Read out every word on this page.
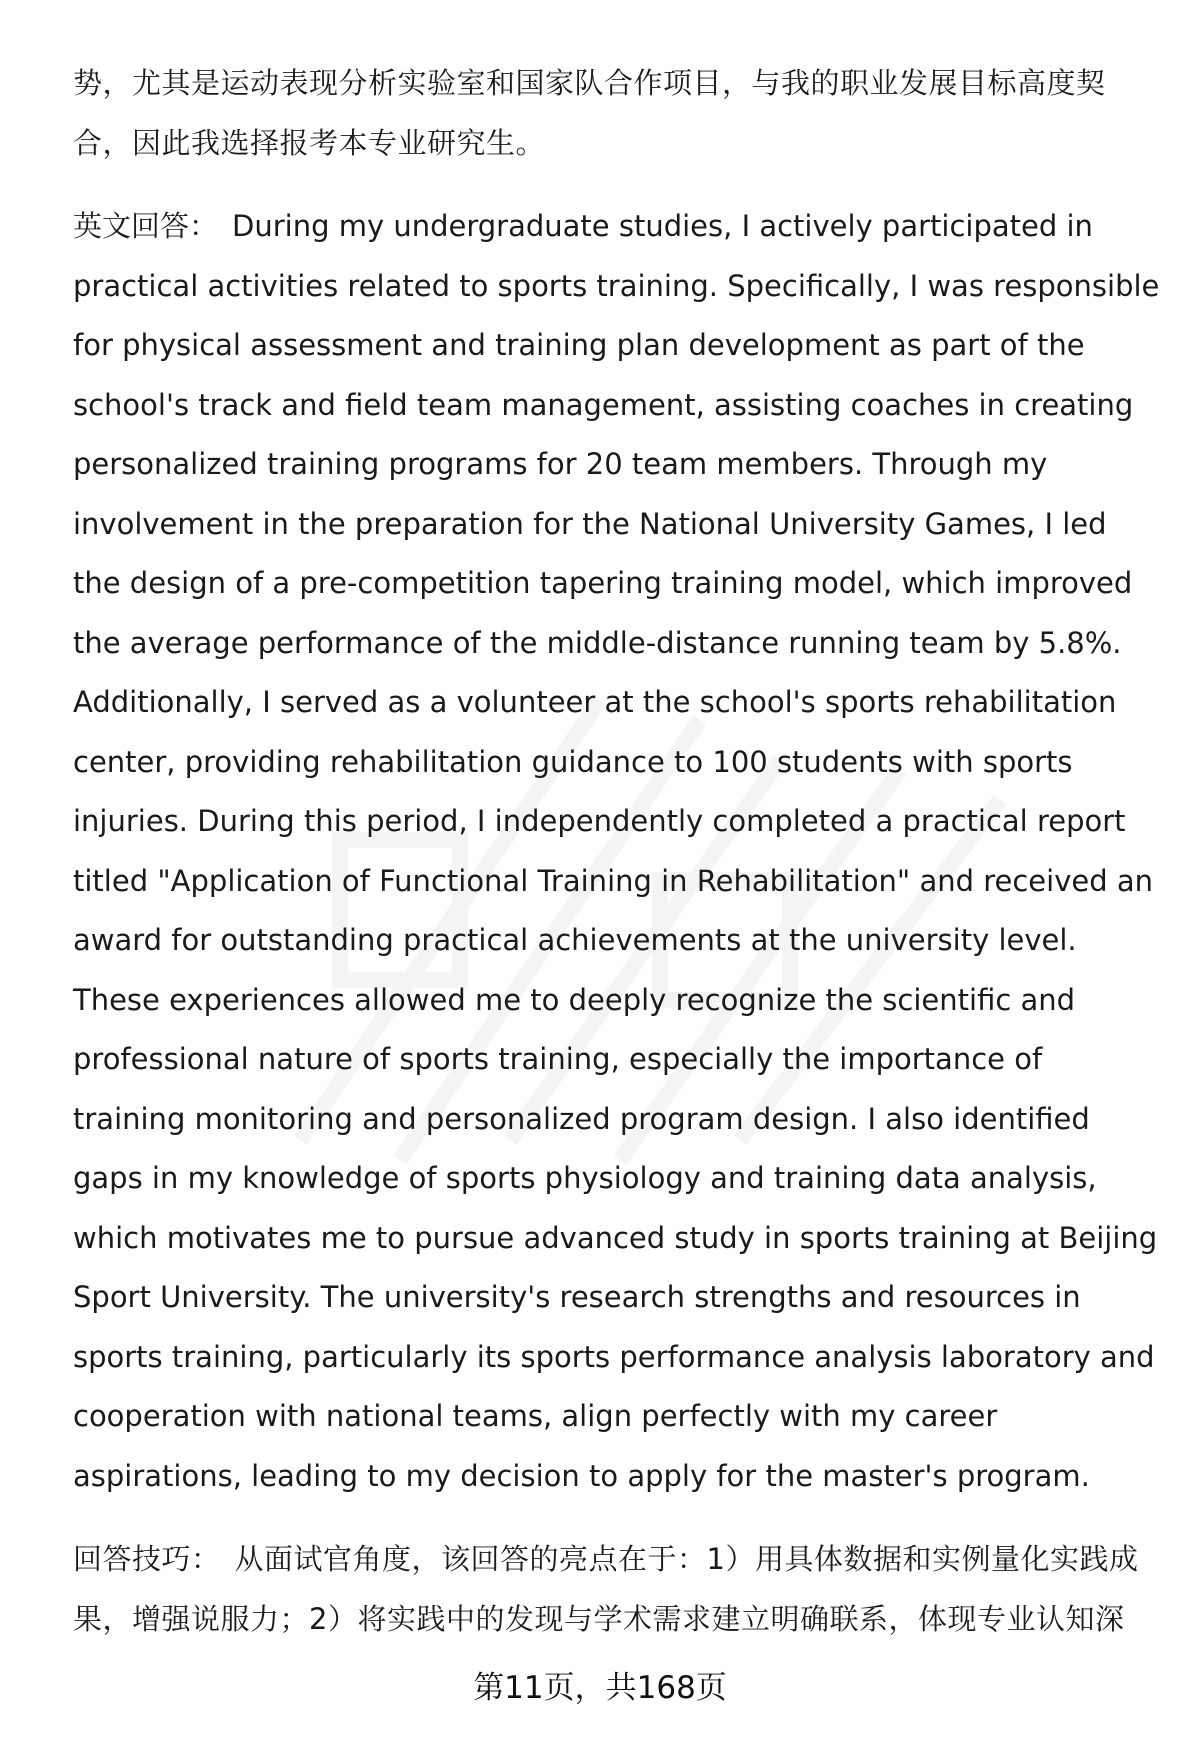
势，尤其是运动表现分析实验室和国家队合作项目，与我的职业发展目标高度契合，因此我选择报考本专业研究生。

英文回答： During my undergraduate studies, I actively participated in practical activities related to sports training. Specifically, I was responsible for physical assessment and training plan development as part of the school's track and field team management, assisting coaches in creating personalized training programs for 20 team members. Through my involvement in the preparation for the National University Games, I led the design of a pre-competition tapering training model, which improved the average performance of the middle-distance running team by 5.8%. Additionally, I served as a volunteer at the school's sports rehabilitation center, providing rehabilitation guidance to 100 students with sports injuries. During this period, I independently completed a practical report titled "Application of Functional Training in Rehabilitation" and received an award for outstanding practical achievements at the university level. These experiences allowed me to deeply recognize the scientific and professional nature of sports training, especially the importance of training monitoring and personalized program design. I also identified gaps in my knowledge of sports physiology and training data analysis, which motivates me to pursue advanced study in sports training at Beijing Sport University. The university's research strengths and resources in sports training, particularly its sports performance analysis laboratory and cooperation with national teams, align perfectly with my career aspirations, leading to my decision to apply for the master's program.

回答技巧： 从面试官角度，该回答的亮点在于：1）用具体数据和实例量化实践成果，增强说服力；2）将实践中的发现与学术需求建立明确联系，体现专业认知深

第11页，共168页
